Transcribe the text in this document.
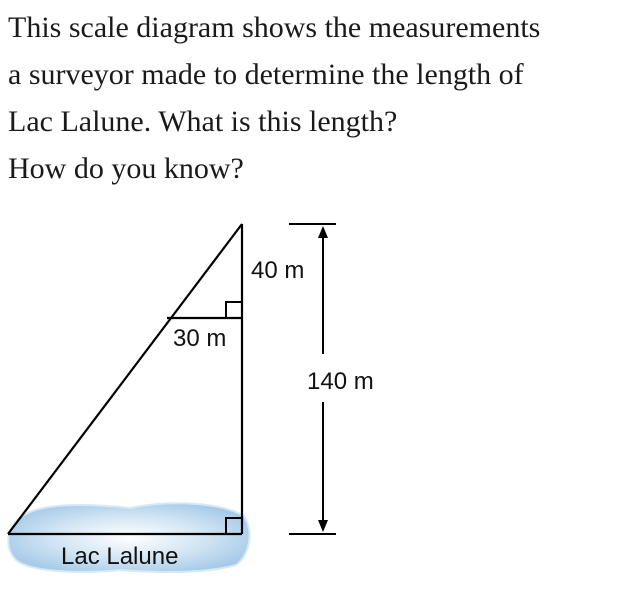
This scale diagram shows the measurements
a surveyor made to determine the length of
Lac Lalune. What is this length?
How do you know?
40 m
30 m
140 m
Lac Lalune
